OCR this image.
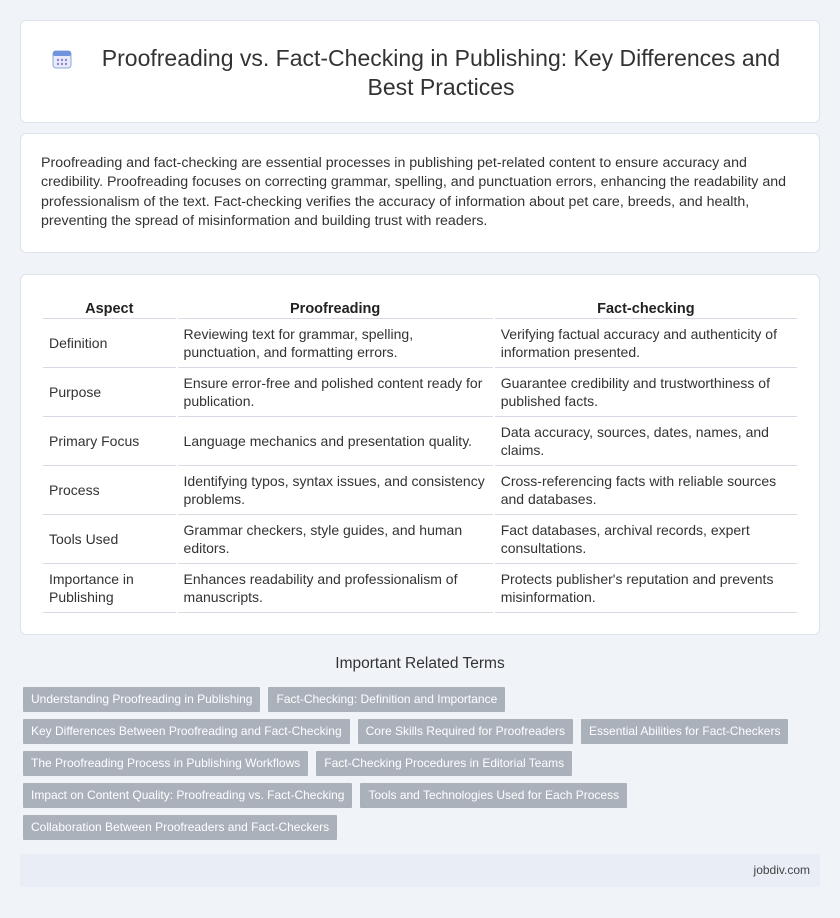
Proofreading vs. Fact-Checking in Publishing: Key Differences and Best Practices

Proofreading and fact-checking are essential processes in publishing pet-related content to ensure accuracy and credibility. Proofreading focuses on correcting grammar, spelling, and punctuation errors, enhancing the readability and professionalism of the text. Fact-checking verifies the accuracy of information about pet care, breeds, and health, preventing the spread of misinformation and building trust with readers.

Aspect	Proofreading	Fact-checking
Definition	Reviewing text for grammar, spelling, punctuation, and formatting errors.	Verifying factual accuracy and authenticity of information presented.
Purpose	Ensure error-free and polished content ready for publication.	Guarantee credibility and trustworthiness of published facts.
Primary Focus	Language mechanics and presentation quality.	Data accuracy, sources, dates, names, and claims.
Process	Identifying typos, syntax issues, and consistency problems.	Cross-referencing facts with reliable sources and databases.
Tools Used	Grammar checkers, style guides, and human editors.	Fact databases, archival records, expert consultations.
Importance in Publishing	Enhances readability and professionalism of manuscripts.	Protects publisher's reputation and prevents misinformation.
Important Related Terms
Understanding Proofreading in Publishing	Fact-Checking: Definition and Importance
Key Differences Between Proofreading and Fact-Checking	Core Skills Required for Proofreaders	Essential Abilities for Fact-Checkers
The Proofreading Process in Publishing Workflows	Fact-Checking Procedures in Editorial Teams
Impact on Content Quality: Proofreading vs. Fact-Checking	Tools and Technologies Used for Each Process
Collaboration Between Proofreaders and Fact-Checkers
jobdiv.com
